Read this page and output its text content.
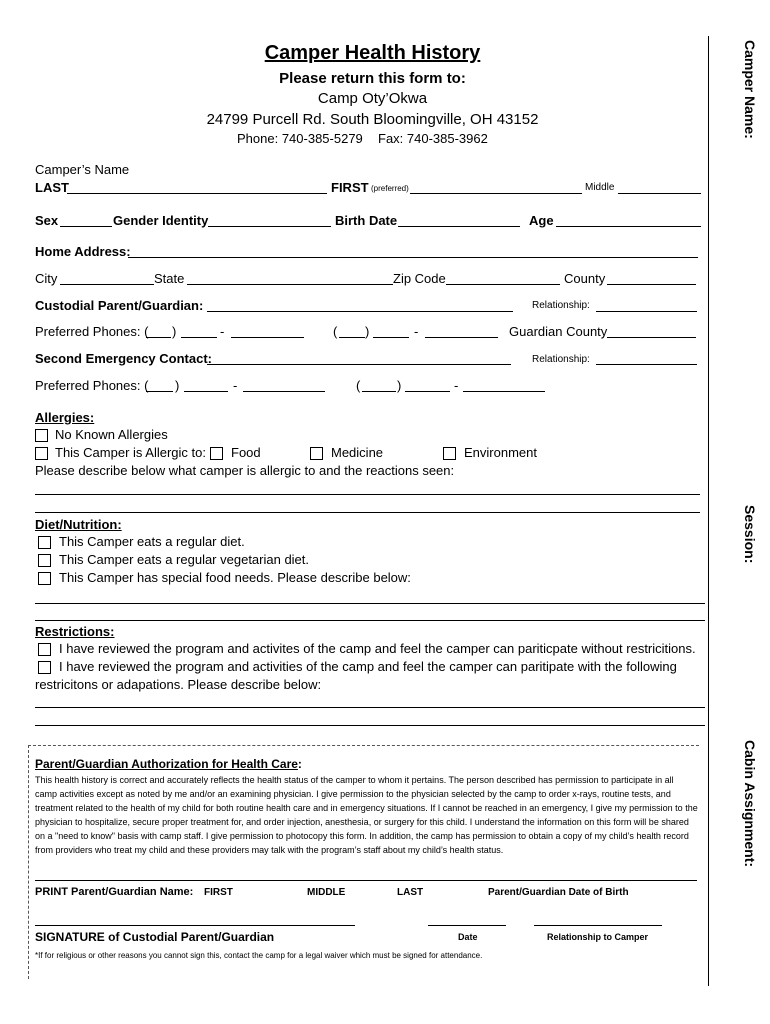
Camper Health History
Please return this form to:
Camp Oty’Okwa
24799 Purcell Rd. South Bloomingville, OH 43152
Phone: 740-385-5279 Fax: 740-385-3962	Camper Name:
Session:
Cabin Assignment:
Camper’s Name
LAST	FIRST (preferred)	Middle
Sex	Gender Identity	Birth Date	Age
Home Address:
City	State	Zip Code	County
Custodial Parent/Guardian:	Relationship:
Preferred Phones: ( )	-	( )	-	Guardian County
Second Emergency Contact:	Relationship:
Preferred Phones: ( )	-	(	)	-
Allergies:
No Known Allergies
This Camper is Allergic to: Food	Medicine	Environment
Please describe below what camper is allergic to and the reactions seen:
Diet/Nutrition:
This Camper eats a regular diet.
This Camper eats a regular vegetarian diet.
This Camper has special food needs. Please describe below:
Restrictions:
I have reviewed the program and activites of the camp and feel the camper can pariticpate without restricitions.
I have reviewed the program and activities of the camp and feel the camper can paritipate with the following
restricitons or adapations. Please describe below:
Parent/Guardian Authorization for Health Care:
This health history is correct and accurately reflects the health status of the camper to whom it pertains. The person described has permission to participate in all camp activities except as noted by me and/or an examining physician. I give permission to the physician selected by the camp to order x-rays, routine tests, and treatment related to the health of my child for both routine health care and in emergency situations. If I cannot be reached in an emergency, I give my permission to the physician to hospitalize, secure proper treatment for, and order injection, anesthesia, or surgery for this child. I understand the information on this form will be shared on a "need to know" basis with camp staff. I give permission to photocopy this form. In addition, the camp has permission to obtain a copy of my child’s health record from providers who treat my child and these providers may talk with the program’s staff about my child’s health status.
PRINT Parent/Guardian Name: FIRST	MIDDLE	LAST	Parent/Guardian Date of Birth
SIGNATURE of Custodial Parent/Guardian	Date	Relationship to Camper
*If for religious or other reasons you cannot sign this, contact the camp for a legal waiver which must be signed for attendance.
